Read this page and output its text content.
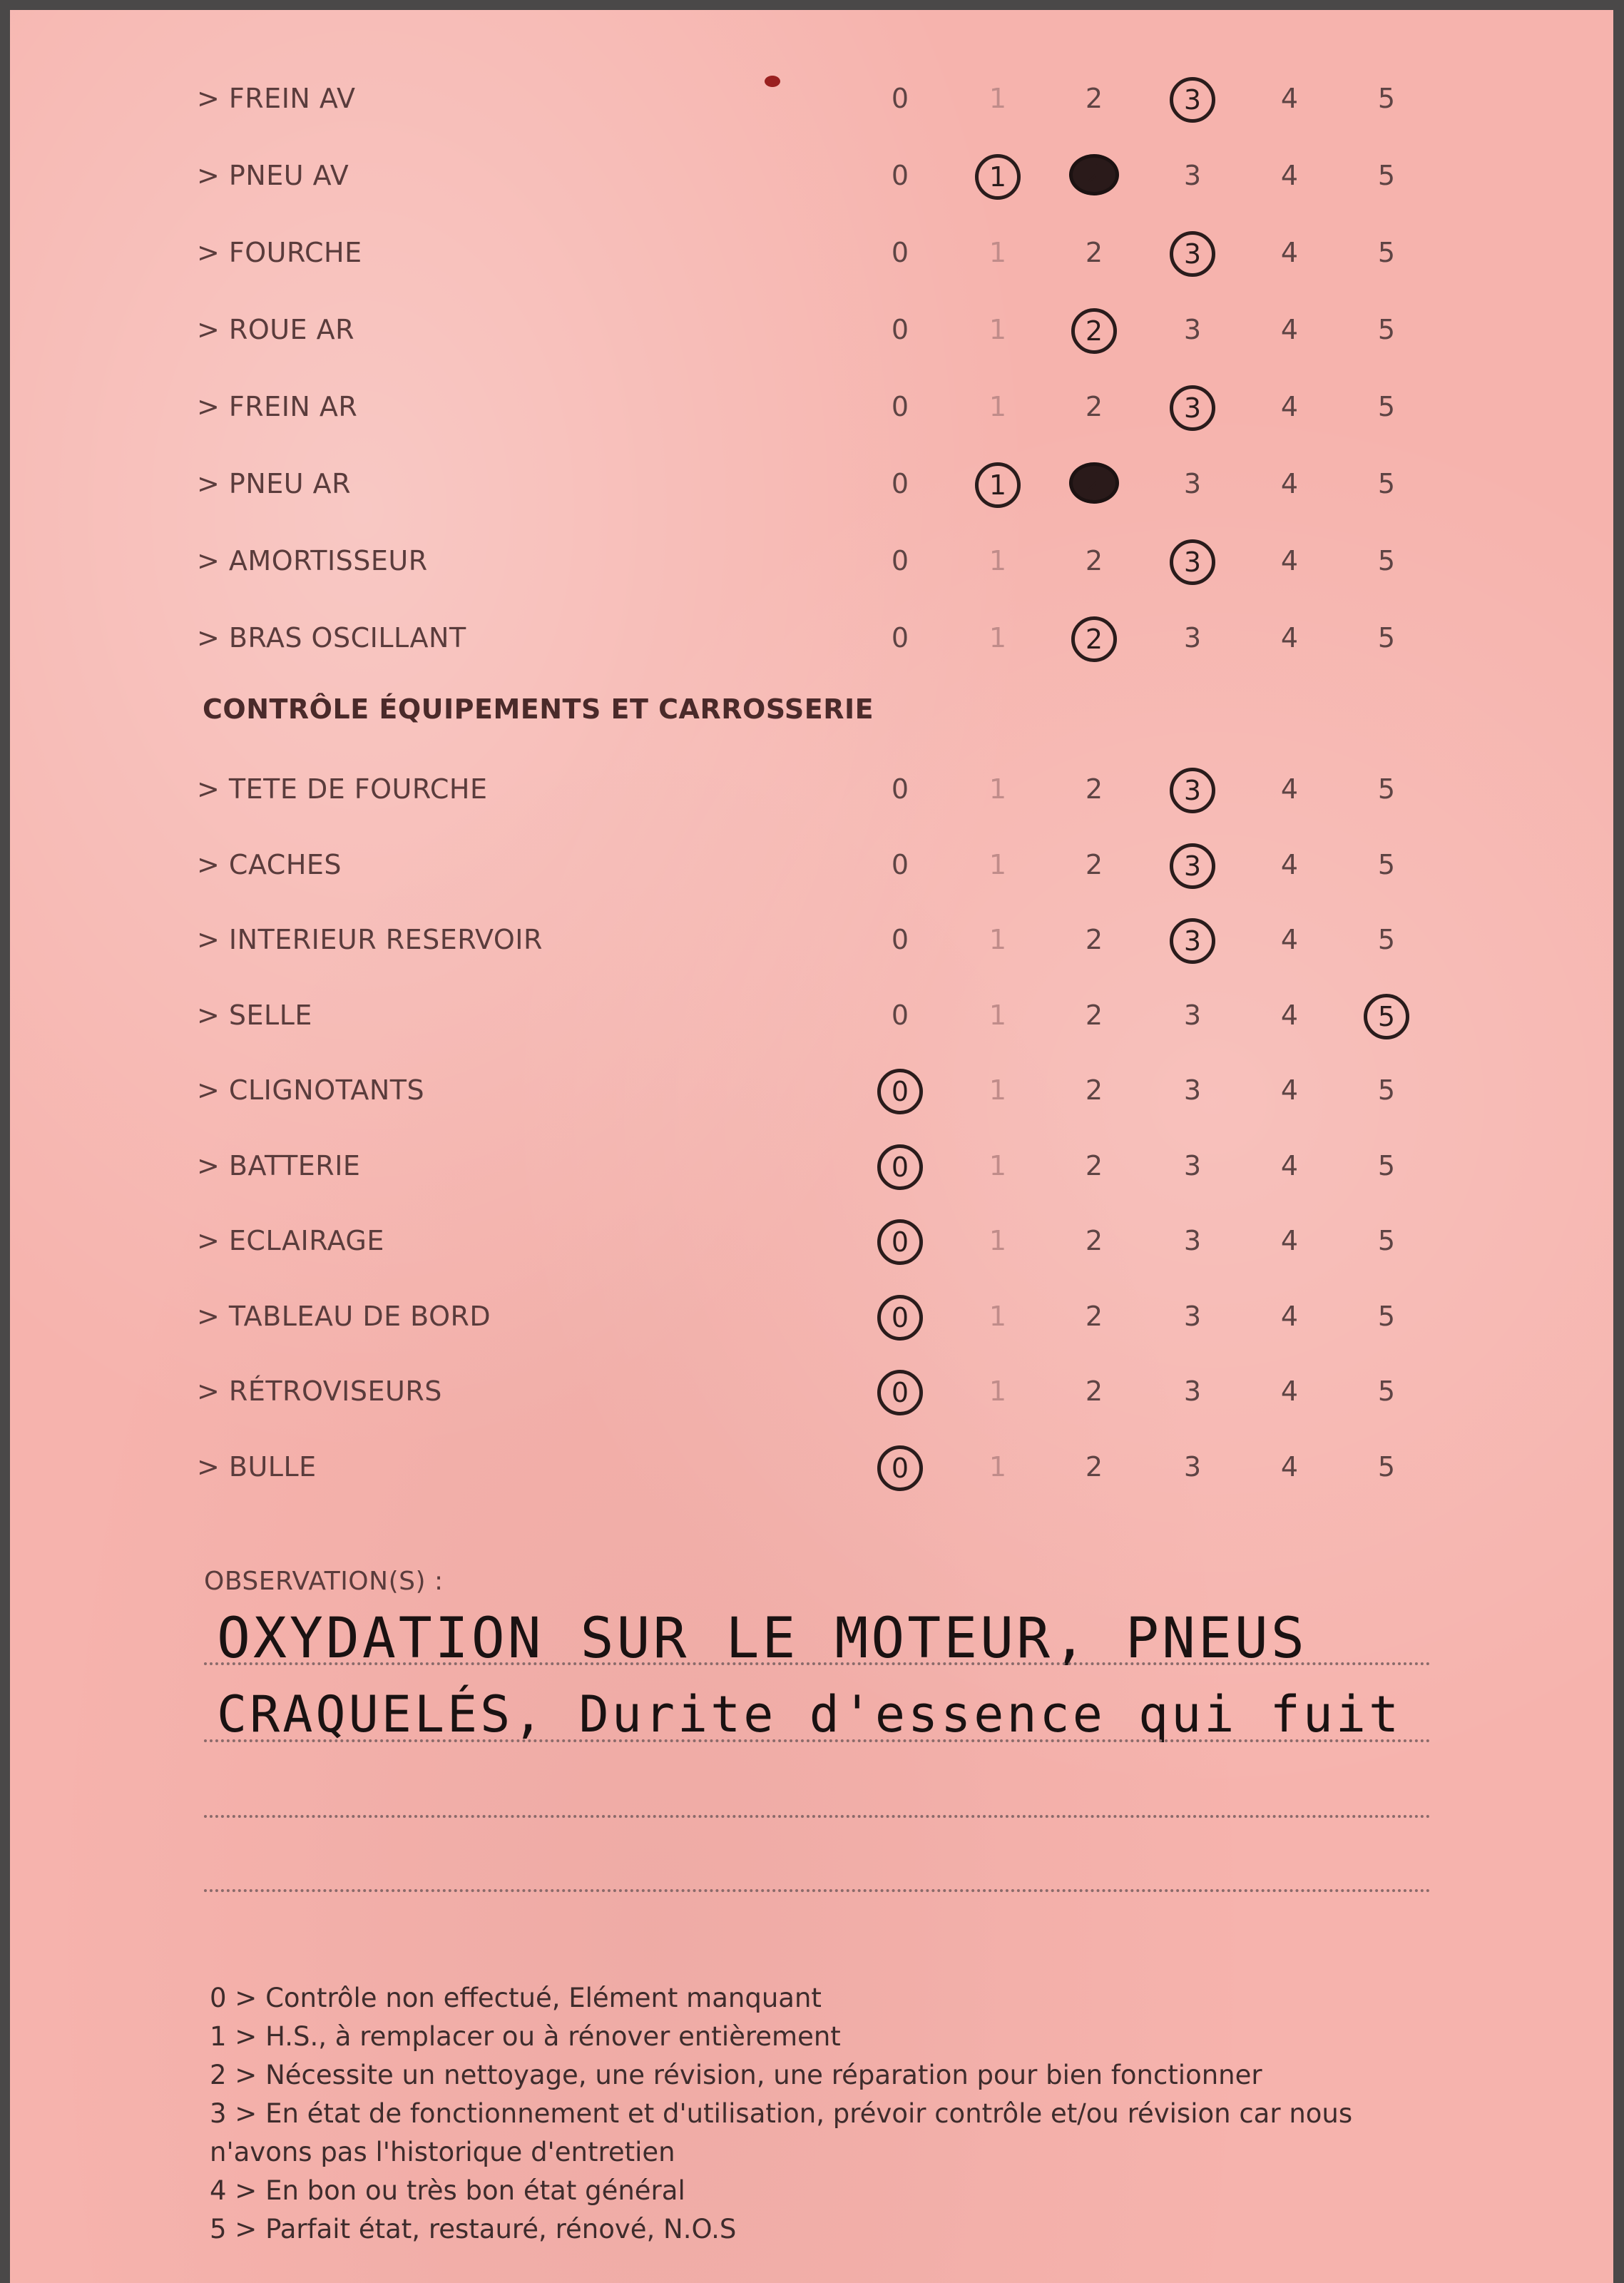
> FREIN AV	0	1	2	3	4	5
> PNEU AV	0	1	2	3	4	5
> FOURCHE	0	1	2	3	4	5
> ROUE AR	0	1	2	3	4	5
> FREIN AR	0	1	2	3	4	5
> PNEU AR	0	1	2	3	4	5
> AMORTISSEUR	0	1	2	3	4	5
> BRAS OSCILLANT	0	1	2	3	4	5
CONTRÔLE ÉQUIPEMENTS ET CARROSSERIE
> TETE DE FOURCHE	0	1	2	3	4	5
> CACHES	0	1	2	3	4	5
> INTERIEUR RESERVOIR	0	1	2	3	4	5
> SELLE	0	1	2	3	4	5
> CLIGNOTANTS	0	1	2	3	4	5
> BATTERIE	0	1	2	3	4	5
> ECLAIRAGE	0	1	2	3	4	5
> TABLEAU DE BORD	0	1	2	3	4	5
> RÉTROVISEURS	0	1	2	3	4	5
> BULLE	0	1	2	3	4	5
OBSERVATION(S) :
OXYDATION SUR LE MOTEUR, PNEUS
CRAQUELÉS, Durite d'essence qui fuit
0 > Contrôle non effectué, Elément manquant
1 > H.S., à remplacer ou à rénover entièrement
2 > Nécessite un nettoyage, une révision, une réparation pour bien fonctionner
3 > En état de fonctionnement et d'utilisation, prévoir contrôle et/ou révision car nous
n'avons pas l'historique d'entretien
4 > En bon ou très bon état général
5 > Parfait état, restauré, rénové, N.O.S
